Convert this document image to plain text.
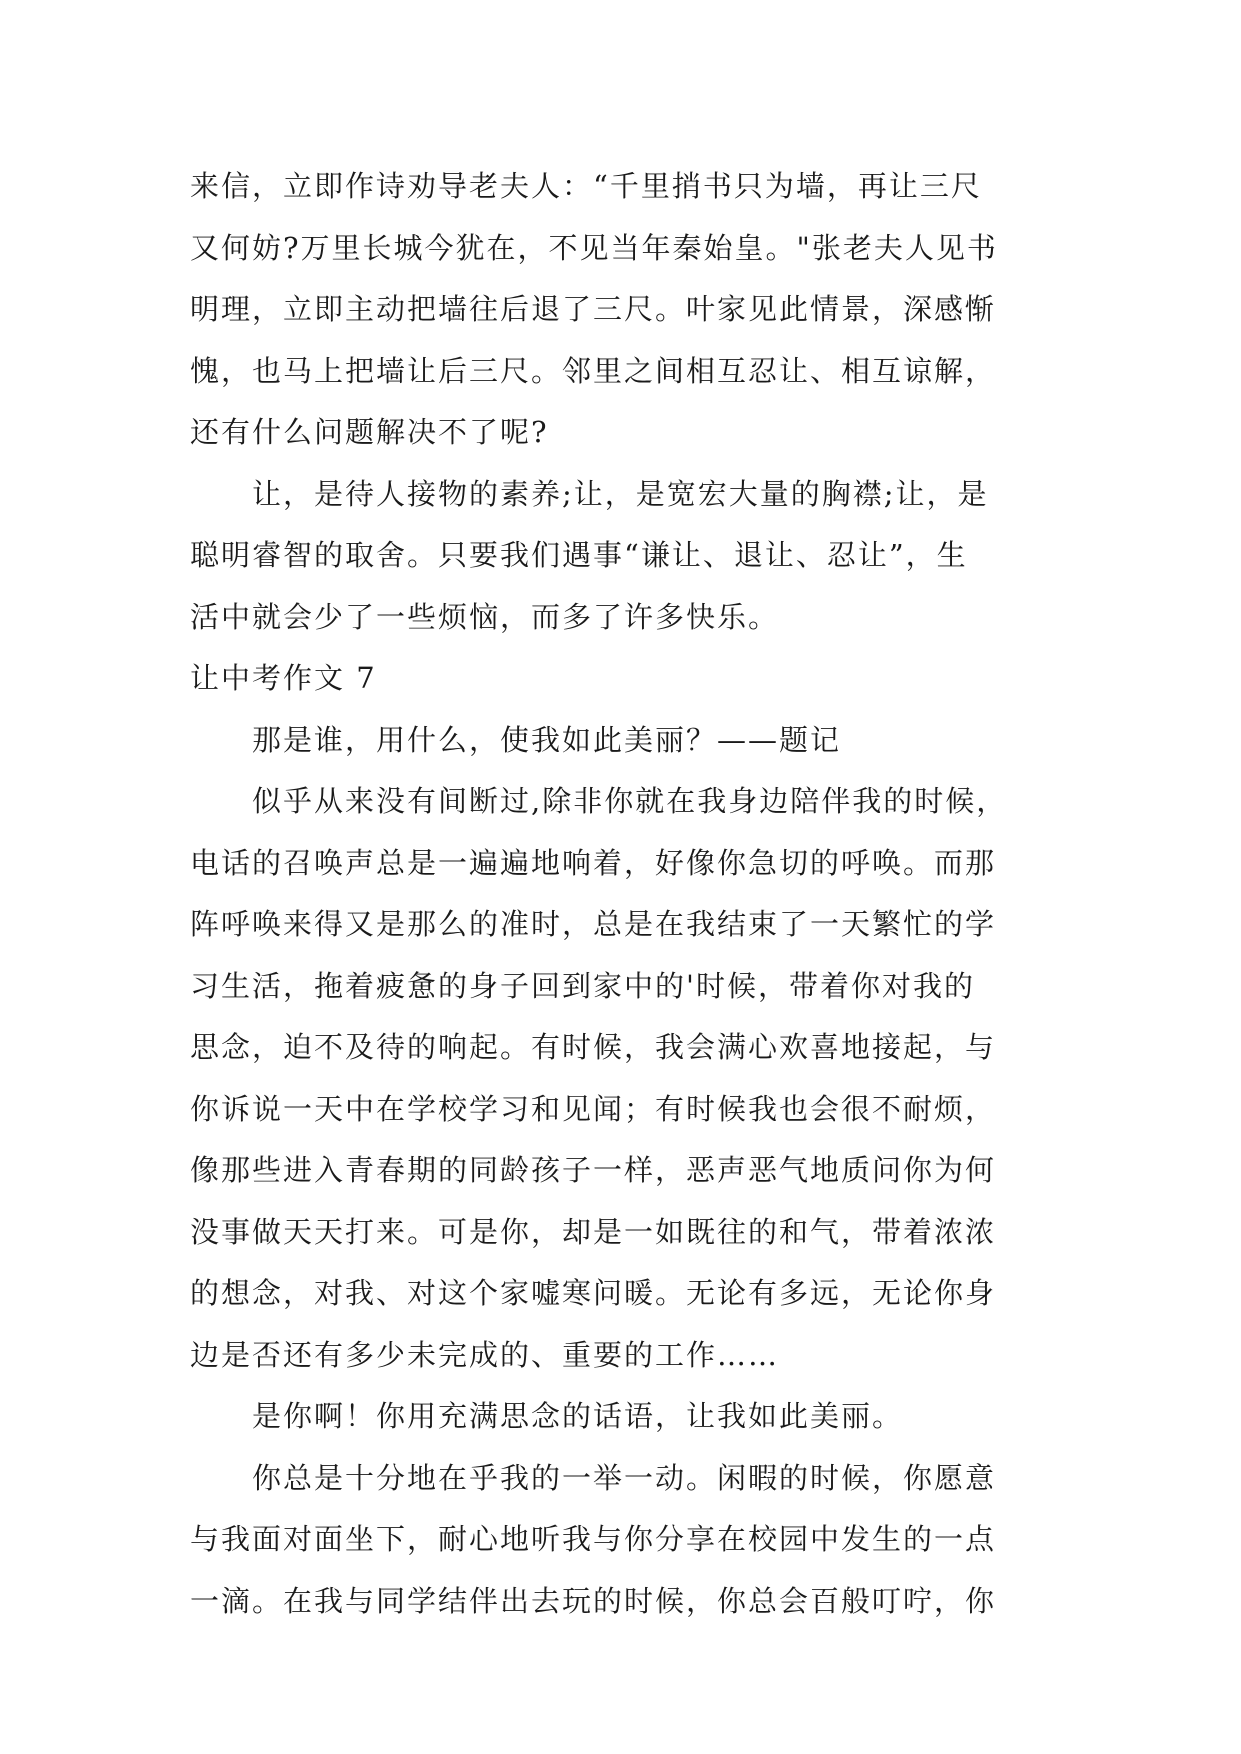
来信，立即作诗劝导老夫人：“千里捎书只为墙，再让三尺
又何妨?万里长城今犹在，不见当年秦始皇。"张老夫人见书
明理，立即主动把墙往后退了三尺。叶家见此情景，深感惭
愧，也马上把墙让后三尺。邻里之间相互忍让、相互谅解，
还有什么问题解决不了呢?
让，是待人接物的素养;让，是宽宏大量的胸襟;让，是
聪明睿智的取舍。只要我们遇事“谦让、退让、忍让”，生
活中就会少了一些烦恼，而多了许多快乐。
让中考作文 7
那是谁，用什么，使我如此美丽？——题记
似乎从来没有间断过,除非你就在我身边陪伴我的时候，
电话的召唤声总是一遍遍地响着，好像你急切的呼唤。而那
阵呼唤来得又是那么的准时，总是在我结束了一天繁忙的学
习生活，拖着疲惫的身子回到家中的'时候，带着你对我的
思念，迫不及待的响起。有时候，我会满心欢喜地接起，与
你诉说一天中在学校学习和见闻；有时候我也会很不耐烦，
像那些进入青春期的同龄孩子一样，恶声恶气地质问你为何
没事做天天打来。可是你，却是一如既往的和气，带着浓浓
的想念，对我、对这个家嘘寒问暖。无论有多远，无论你身
边是否还有多少未完成的、重要的工作……
是你啊！你用充满思念的话语，让我如此美丽。
你总是十分地在乎我的一举一动。闲暇的时候，你愿意
与我面对面坐下，耐心地听我与你分享在校园中发生的一点
一滴。在我与同学结伴出去玩的时候，你总会百般叮咛，你
